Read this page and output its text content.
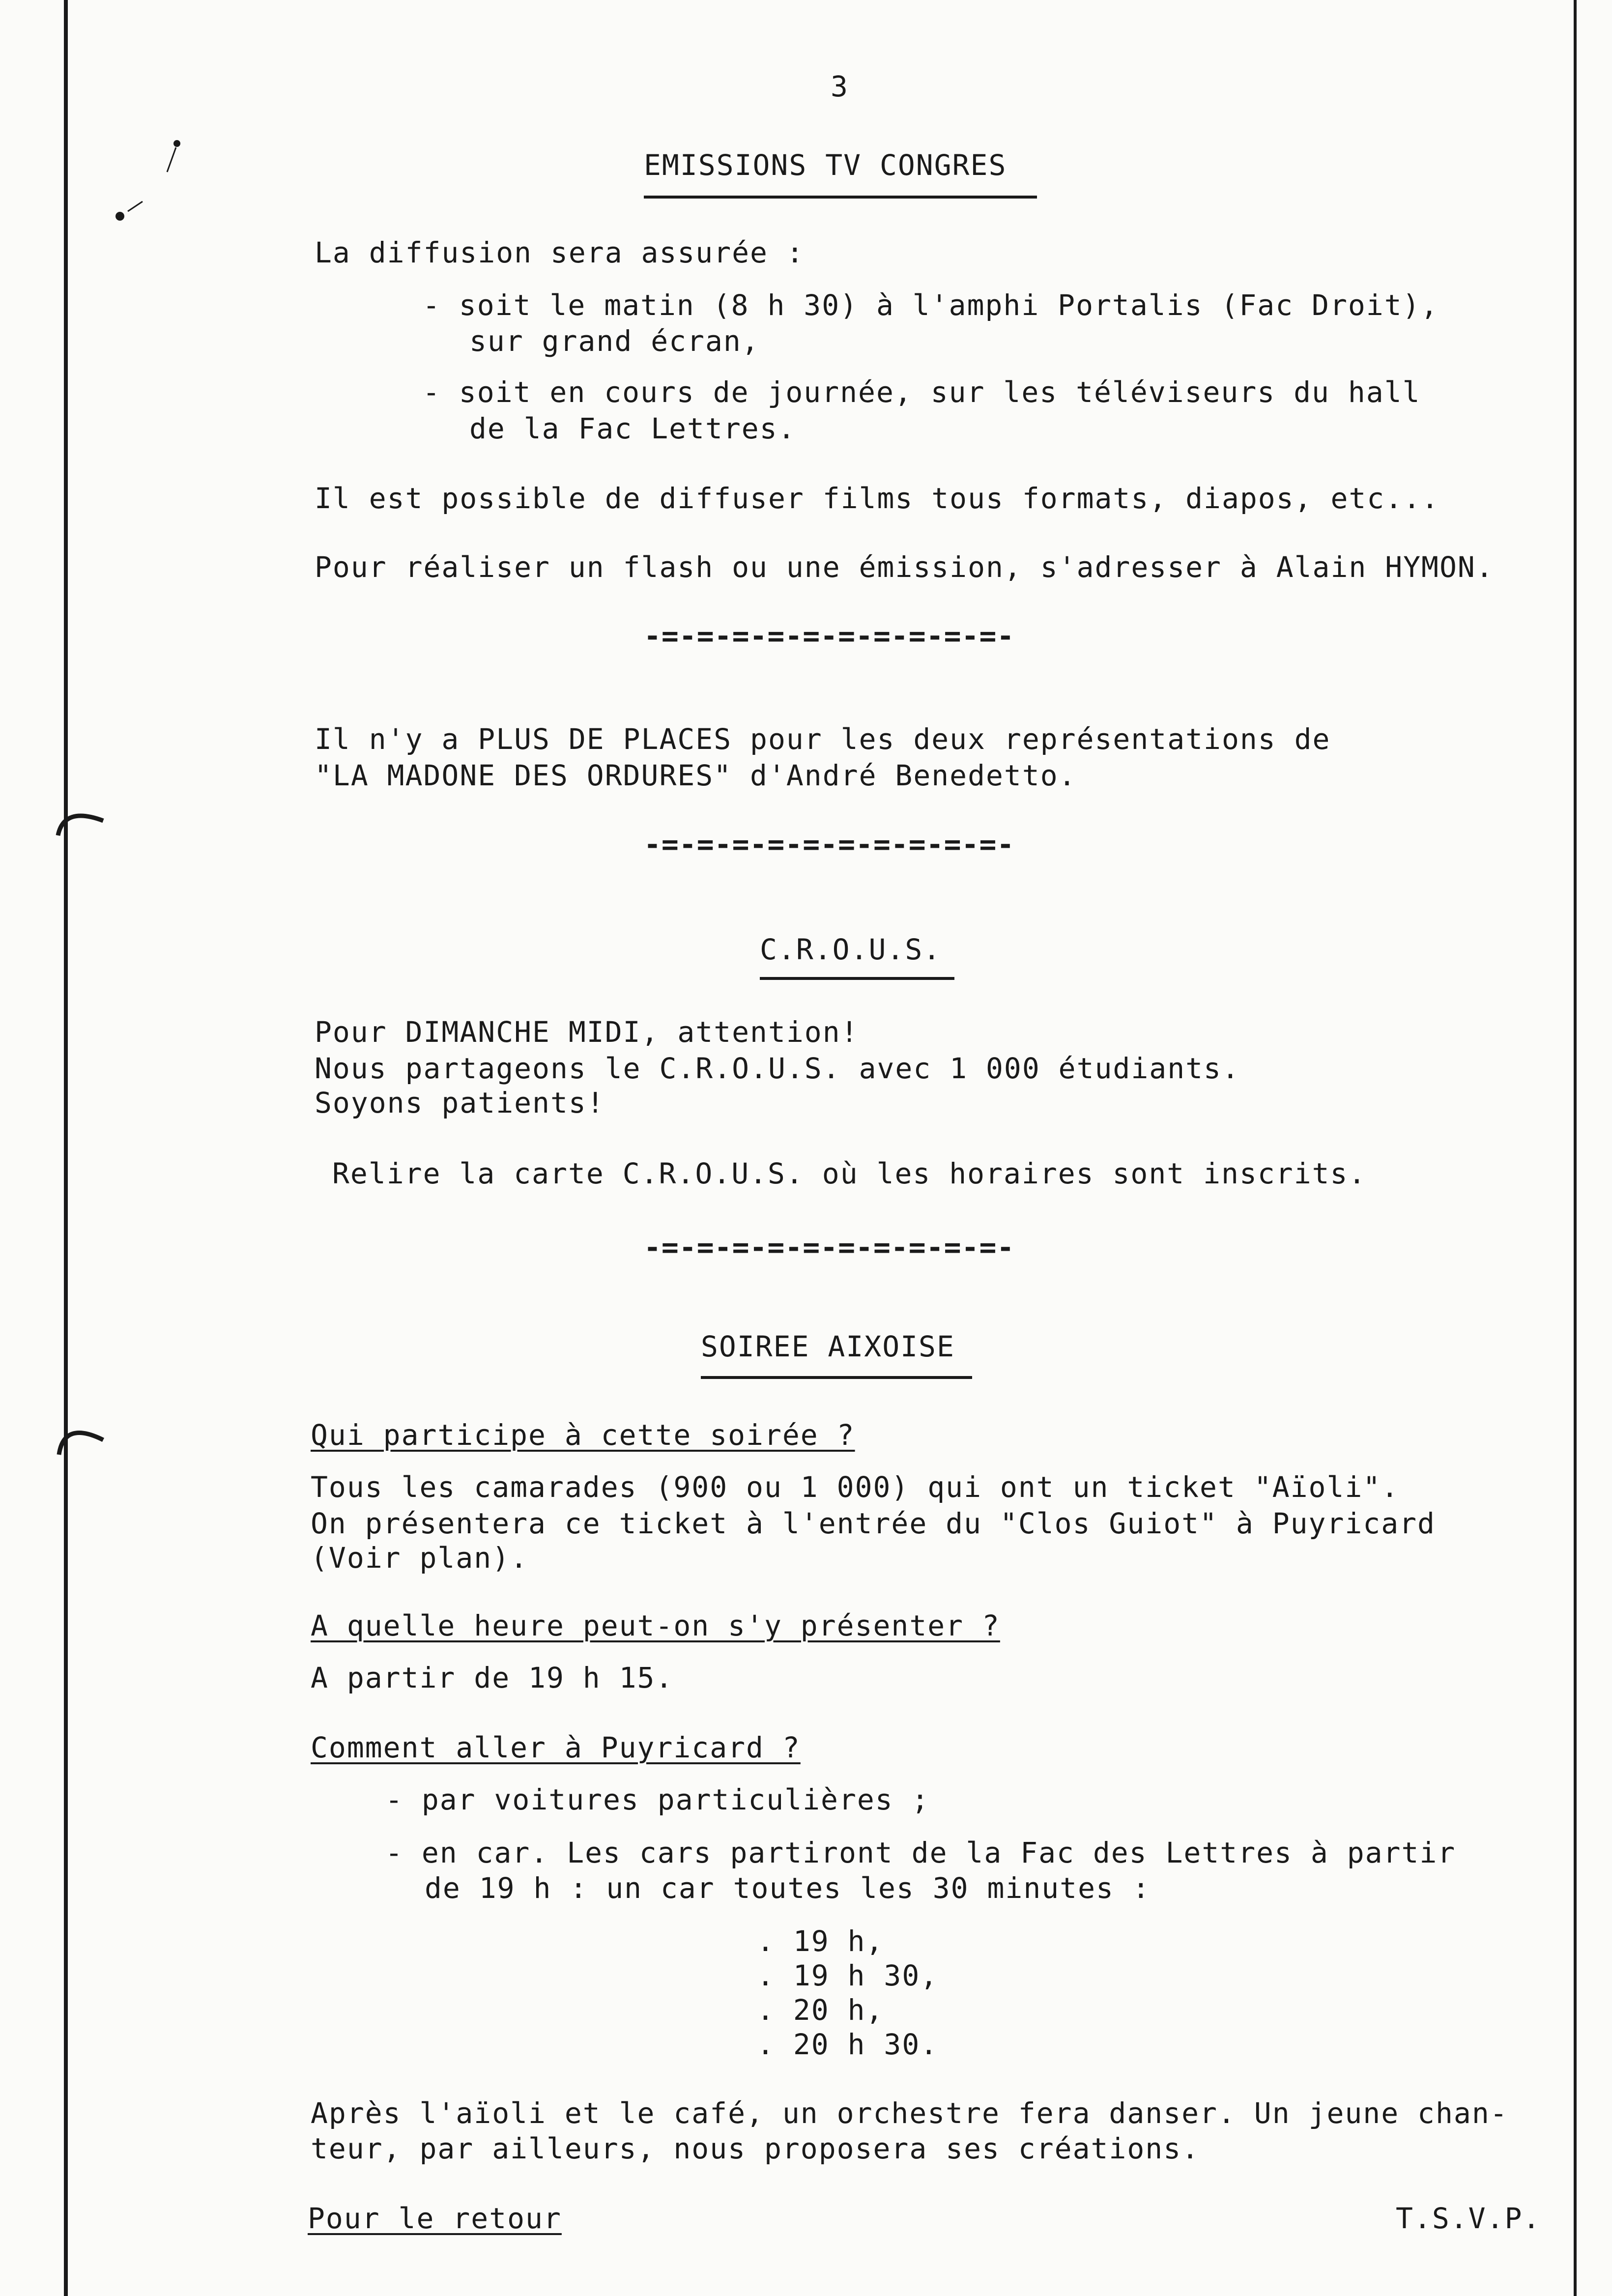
3

EMISSIONS TV CONGRES

La diffusion sera assurée :

- soit le matin (8 h 30) à l'amphi Portalis (Fac Droit),

sur grand écran,

- soit en cours de journée, sur les téléviseurs du hall

de la Fac Lettres.

Il est possible de diffuser films tous formats, diapos, etc...

Pour réaliser un flash ou une émission, s'adresser à Alain HYMON.

-=-=-=-=-=-=-=-=-=-=-

Il n'y a PLUS DE PLACES pour les deux représentations de

"LA MADONE DES ORDURES" d'André Benedetto.

-=-=-=-=-=-=-=-=-=-=-

C.R.O.U.S.

Pour DIMANCHE MIDI, attention!

Nous partageons le C.R.O.U.S. avec 1 000 étudiants.

Soyons patients!

Relire la carte C.R.O.U.S. où les horaires sont inscrits.

-=-=-=-=-=-=-=-=-=-=-

SOIREE AIXOISE

Qui participe à cette soirée ?

Tous les camarades (900 ou 1 000) qui ont un ticket "Aïoli".

On présentera ce ticket à l'entrée du "Clos Guiot" à Puyricard

(Voir plan).

A quelle heure peut-on s'y présenter ?

A partir de 19 h 15.

Comment aller à Puyricard ?

- par voitures particulières ;

- en car. Les cars partiront de la Fac des Lettres à partir

de 19 h : un car toutes les 30 minutes :

. 19 h,

. 19 h 30,

. 20 h,

. 20 h 30.

Après l'aïoli et le café, un orchestre fera danser. Un jeune chan-

teur, par ailleurs, nous proposera ses créations.

Pour le retour	T.S.V.P.
